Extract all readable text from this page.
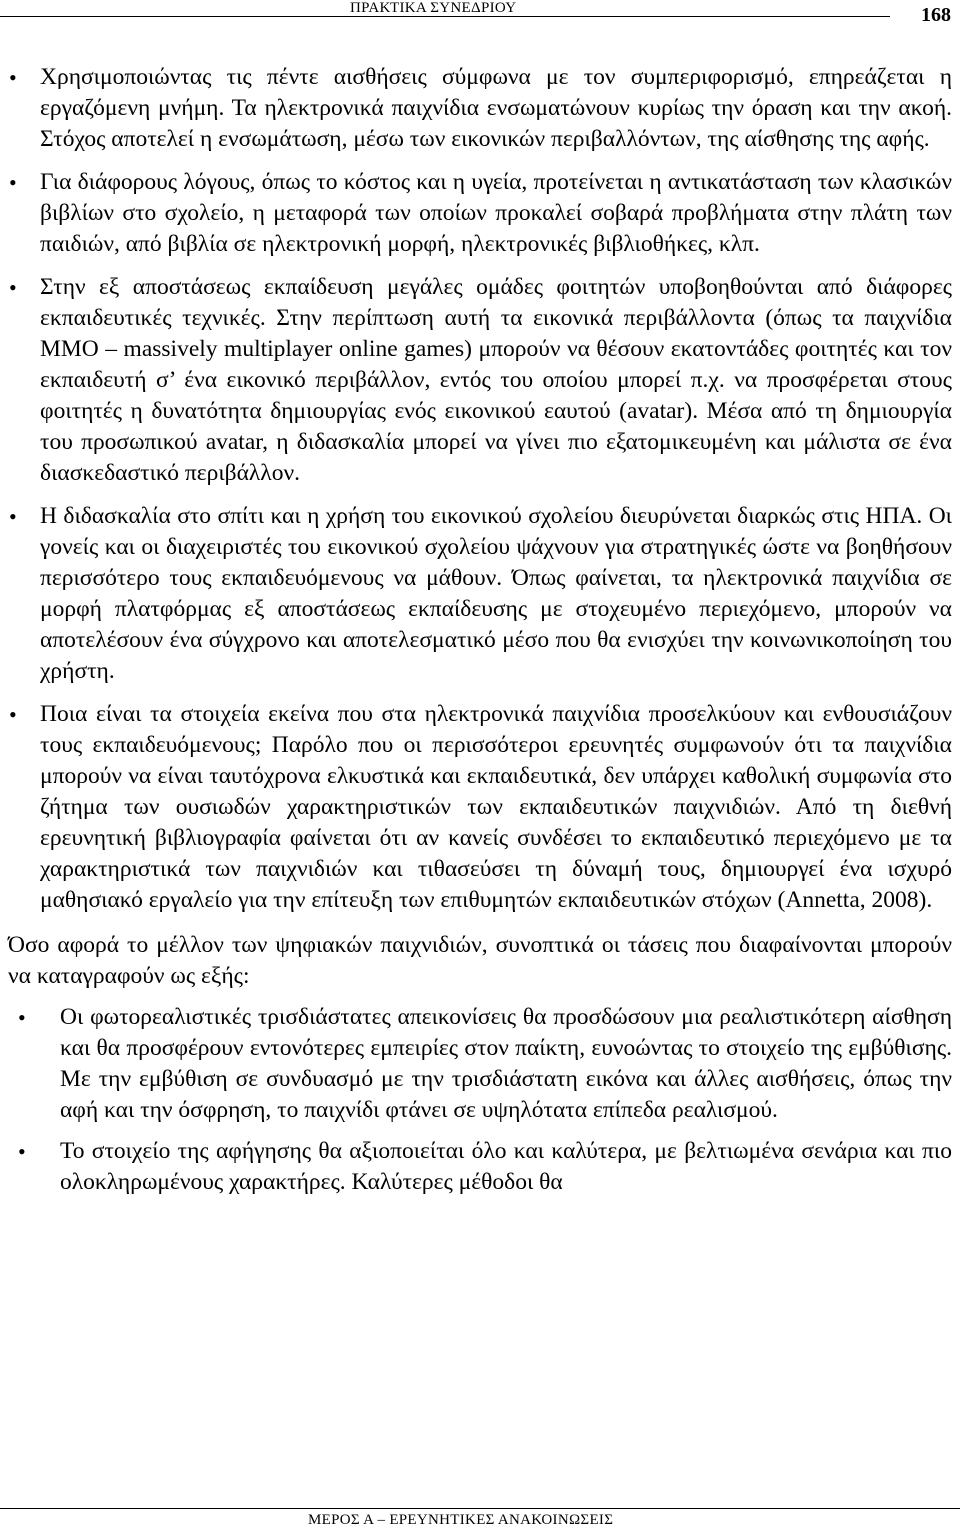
ΠΡΑΚΤΙΚΑ ΣΥΝΕΔΡΙΟΥ	168
• Χρησιμοποιώντας τις πέντε αισθήσεις σύμφωνα με τον συμπεριφορισμό, επηρεάζεται η εργαζόμενη μνήμη. Τα ηλεκτρονικά παιχνίδια ενσωματώνουν κυρίως την όραση και την ακοή. Στόχος αποτελεί η ενσωμάτωση, μέσω των εικονικών περιβαλλόντων, της αίσθησης της αφής.
• Για διάφορους λόγους, όπως το κόστος και η υγεία, προτείνεται η αντικατάσταση των κλασικών βιβλίων στο σχολείο, η μεταφορά των οποίων προκαλεί σοβαρά προβλήματα στην πλάτη των παιδιών, από βιβλία σε ηλεκτρονική μορφή, ηλεκτρονικές βιβλιοθήκες, κλπ.
• Στην εξ αποστάσεως εκπαίδευση μεγάλες ομάδες φοιτητών υποβοηθούνται από διάφορες εκπαιδευτικές τεχνικές. Στην περίπτωση αυτή τα εικονικά περιβάλλοντα (όπως τα παιχνίδια MMO – massively multiplayer online games) μπορούν να θέσουν εκατοντάδες φοιτητές και τον εκπαιδευτή σ’ ένα εικονικό περιβάλλον, εντός του οποίου μπορεί π.χ. να προσφέρεται στους φοιτητές η δυνατότητα δημιουργίας ενός εικονικού εαυτού (avatar). Μέσα από τη δημιουργία του προσωπικού avatar, η διδασκαλία μπορεί να γίνει πιο εξατομικευμένη και μάλιστα σε ένα διασκεδαστικό περιβάλλον.
• Η διδασκαλία στο σπίτι και η χρήση του εικονικού σχολείου διευρύνεται διαρκώς στις ΗΠΑ. Οι γονείς και οι διαχειριστές του εικονικού σχολείου ψάχνουν για στρατηγικές ώστε να βοηθήσουν περισσότερο τους εκπαιδευόμενους να μάθουν. Όπως φαίνεται, τα ηλεκτρονικά παιχνίδια σε μορφή πλατφόρμας εξ αποστάσεως εκπαίδευσης με στοχευμένο περιεχόμενο, μπορούν να αποτελέσουν ένα σύγχρονο και αποτελεσματικό μέσο που θα ενισχύει την κοινωνικοποίηση του χρήστη.
• Ποια είναι τα στοιχεία εκείνα που στα ηλεκτρονικά παιχνίδια προσελκύουν και ενθουσιάζουν τους εκπαιδευόμενους; Παρόλο που οι περισσότεροι ερευνητές συμφωνούν ότι τα παιχνίδια μπορούν να είναι ταυτόχρονα ελκυστικά και εκπαιδευτικά, δεν υπάρχει καθολική συμφωνία στο ζήτημα των ουσιωδών χαρακτηριστικών των εκπαιδευτικών παιχνιδιών. Από τη διεθνή ερευνητική βιβλιογραφία φαίνεται ότι αν κανείς συνδέσει το εκπαιδευτικό περιεχόμενο με τα χαρακτηριστικά των παιχνιδιών και τιθασεύσει τη δύναμή τους, δημιουργεί ένα ισχυρό μαθησιακό εργαλείο για την επίτευξη των επιθυμητών εκπαιδευτικών στόχων (Annetta, 2008).

Όσο αφορά το μέλλον των ψηφιακών παιχνιδιών, συνοπτικά οι τάσεις που διαφαίνονται μπορούν να καταγραφούν ως εξής:

• Οι φωτορεαλιστικές τρισδιάστατες απεικονίσεις θα προσδώσουν μια ρεαλιστικότερη αίσθηση και θα προσφέρουν εντονότερες εμπειρίες στον παίκτη, ευνοώντας το στοιχείο της εμβύθισης. Με την εμβύθιση σε συνδυασμό με την τρισδιάστατη εικόνα και άλλες αισθήσεις, όπως την αφή και την όσφρηση, το παιχνίδι φτάνει σε υψηλότατα επίπεδα ρεαλισμού.
• Το στοιχείο της αφήγησης θα αξιοποιείται όλο και καλύτερα, με βελτιωμένα σενάρια και πιο ολοκληρωμένους χαρακτήρες. Καλύτερες μέθοδοι θα
ΜΕΡΟΣ Α – ΕΡΕΥΝΗΤΙΚΕΣ ΑΝΑΚΟΙΝΩΣΕΙΣ
